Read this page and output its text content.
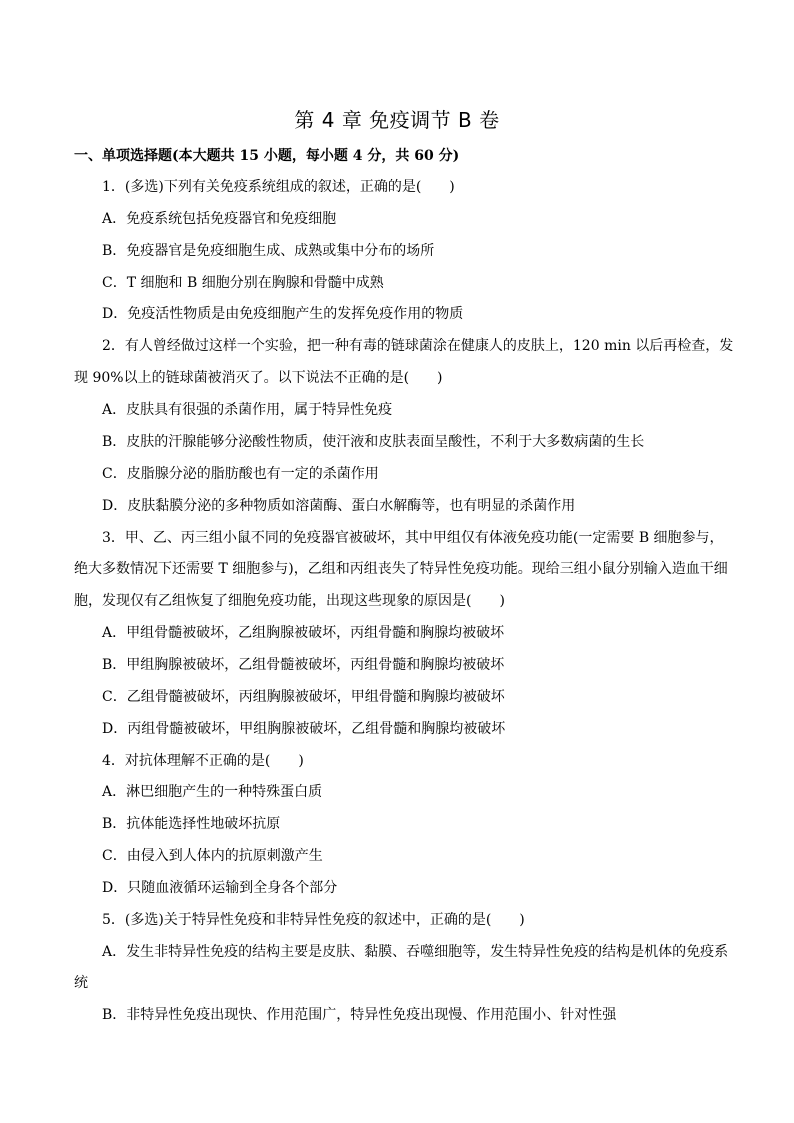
第 4 章 免疫调节 B 卷
一、单项选择题(本大题共 15 小题，每小题 4 分，共 60 分)
1．(多选)下列有关免疫系统组成的叙述，正确的是(　　)
A．免疫系统包括免疫器官和免疫细胞
B．免疫器官是免疫细胞生成、成熟或集中分布的场所
C．T 细胞和 B 细胞分别在胸腺和骨髓中成熟
D．免疫活性物质是由免疫细胞产生的发挥免疫作用的物质
2．有人曾经做过这样一个实验，把一种有毒的链球菌涂在健康人的皮肤上，120 min 以后再检查，发
现 90%以上的链球菌被消灭了。以下说法不正确的是(　　)
A．皮肤具有很强的杀菌作用，属于特异性免疫
B．皮肤的汗腺能够分泌酸性物质，使汗液和皮肤表面呈酸性，不利于大多数病菌的生长
C．皮脂腺分泌的脂肪酸也有一定的杀菌作用
D．皮肤黏膜分泌的多种物质如溶菌酶、蛋白水解酶等，也有明显的杀菌作用
3．甲、乙、丙三组小鼠不同的免疫器官被破坏，其中甲组仅有体液免疫功能(一定需要 B 细胞参与，
绝大多数情况下还需要 T 细胞参与)，乙组和丙组丧失了特异性免疫功能。现给三组小鼠分别输入造血干细
胞，发现仅有乙组恢复了细胞免疫功能，出现这些现象的原因是(　　)
A．甲组骨髓被破坏，乙组胸腺被破坏，丙组骨髓和胸腺均被破坏
B．甲组胸腺被破坏，乙组骨髓被破坏，丙组骨髓和胸腺均被破坏
C．乙组骨髓被破坏，丙组胸腺被破坏，甲组骨髓和胸腺均被破坏
D．丙组骨髓被破坏，甲组胸腺被破坏，乙组骨髓和胸腺均被破坏
4．对抗体理解不正确的是(　　)
A．淋巴细胞产生的一种特殊蛋白质
B．抗体能选择性地破坏抗原
C．由侵入到人体内的抗原刺激产生
D．只随血液循环运输到全身各个部分
5．(多选)关于特异性免疫和非特异性免疫的叙述中，正确的是(　　)
A．发生非特异性免疫的结构主要是皮肤、黏膜、吞噬细胞等，发生特异性免疫的结构是机体的免疫系
统
B．非特异性免疫出现快、作用范围广，特异性免疫出现慢、作用范围小、针对性强
